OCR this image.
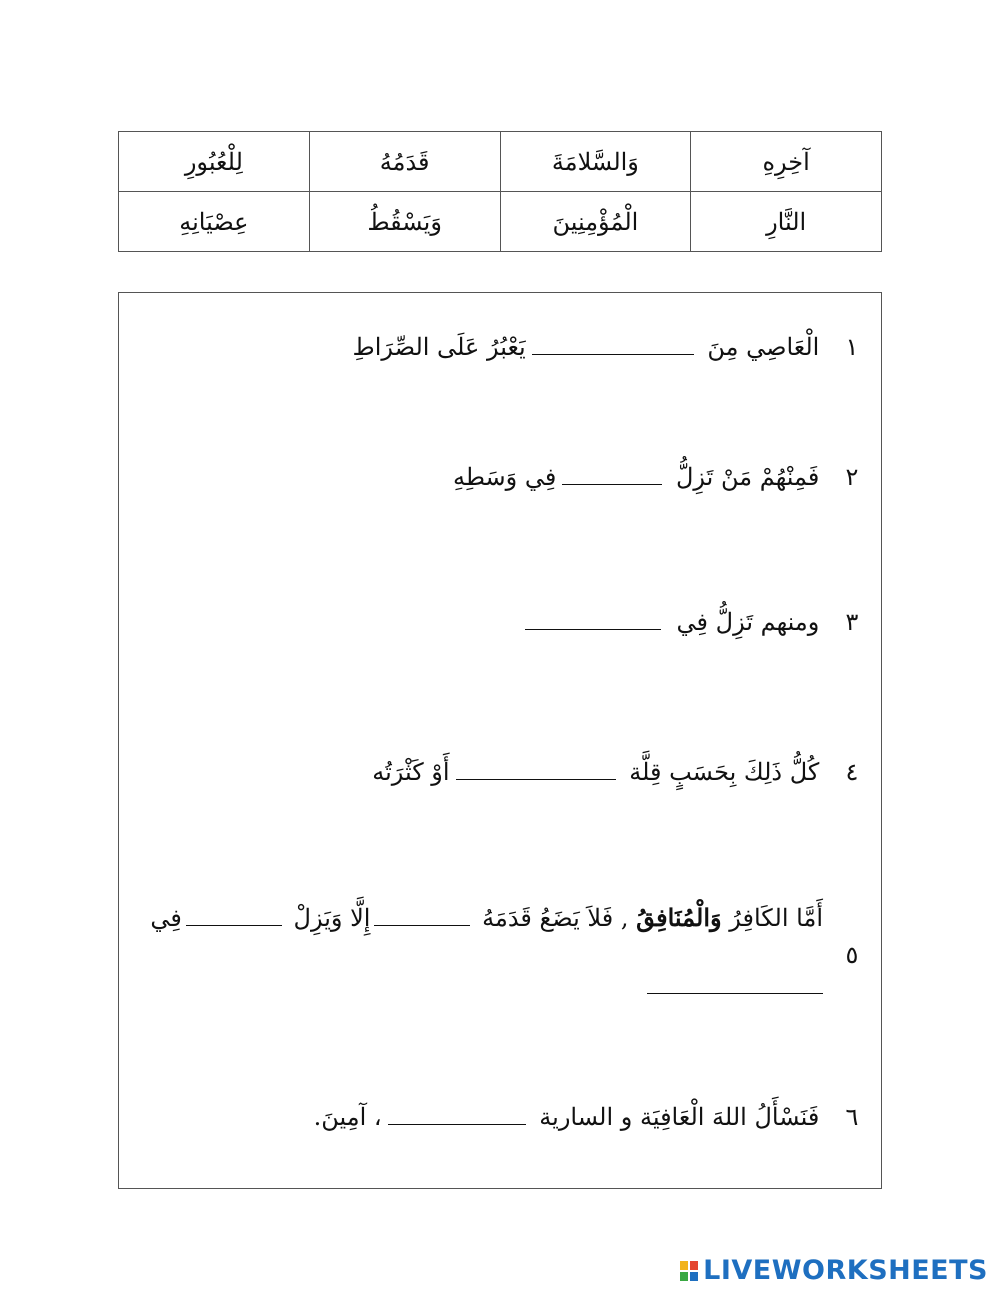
آخِرِهِ	وَالسَّلامَةَ	قَدَمُهُ	لِلْعُبُورِ
النَّارِ	الْمُؤْمِنِينَ	وَيَسْقُطُ	عِصْيَانِهِ
١ الْعَاصِي مِنَ يَعْبُرُ عَلَى الصِّرَاطِ
٢ فَمِنْهُمْ مَنْ تَزِلُّ فِي وَسَطِهِ
٣ ومنهم تَزِلُّ فِي
٤ كُلُّ ذَلِكَ بِحَسَبٍ قِلَّة أَوْ كَثْرَتُه
٥
أَمَّا الكَافِرُ وَالْمُنَافِقُ , فَلاَ يَضَعُ قَدَمَهُ إِلَّا وَيَزِلْ فِي
٦ فَنَسْأَلُ اللهَ الْعَافِيَة و السارية ، آمِينَ.
LIVEWORKSHEETS
